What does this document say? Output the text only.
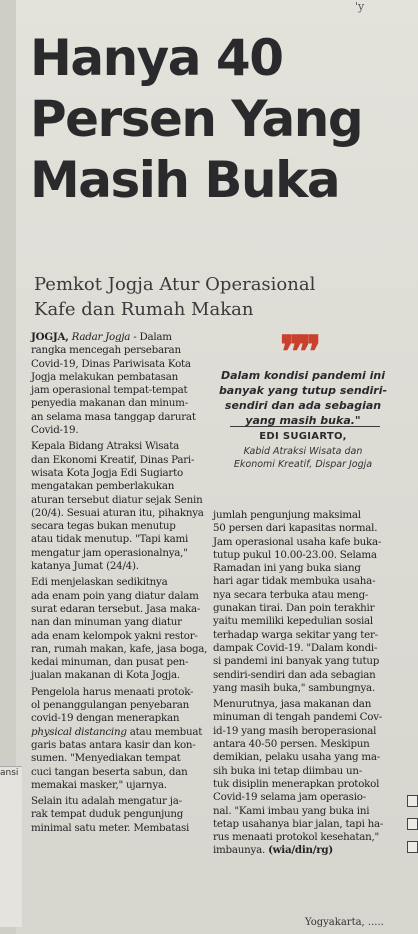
'y
Hanya 40
Persen Yang
Masih Buka
Pemkot Jogja Atur Operasional
Kafe dan Rumah Makan

JOGJA, Radar Jogja - Dalam

rangka mencegah persebaran

Covid-19, Dinas Pariwisata Kota

Jogja melakukan pembatasan

jam operasional tempat-tempat

penyedia makanan dan minum-

an selama masa tanggap darurat

Covid-19.

Kepala Bidang Atraksi Wisata

dan Ekonomi Kreatif, Dinas Pari-

wisata Kota Jogja Edi Sugiarto

mengatakan pemberlakukan

aturan tersebut diatur sejak Senin

(20/4). Sesuai aturan itu, pihaknya

secara tegas bukan menutup

atau tidak menutup. "Tapi kami

mengatur jam operasionalnya,"

katanya Jumat (24/4).

Edi menjelaskan sedikitnya

ada enam poin yang diatur dalam

surat edaran tersebut. Jasa maka-

nan dan minuman yang diatur

ada enam kelompok yakni restor-

ran, rumah makan, kafe, jasa boga,

kedai minuman, dan pusat pen-

jualan makanan di Kota Jogja.

Pengelola harus menaati protok-

ol penanggulangan penyebaran

covid-19 dengan menerapkan

physical distancing atau membuat

garis batas antara kasir dan kon-

sumen. "Menyediakan tempat

cuci tangan beserta sabun, dan

memakai masker," ujarnya.

Selain itu adalah mengatur ja-

rak tempat duduk pengunjung

minimal satu meter. Membatasi

❞❞
Dalam kondisi pandemi ini
banyak yang tutup sendiri-
sendiri dan ada sebagian
yang masih buka."
EDI SUGIARTO,
Kabid Atraksi Wisata dan
Ekonomi Kreatif, Dispar Jogja

jumlah pengunjung maksimal

50 persen dari kapasitas normal.

Jam operasional usaha kafe buka-

tutup pukul 10.00-23.00. Selama

Ramadan ini yang buka siang

hari agar tidak membuka usaha-

nya secara terbuka atau meng-

gunakan tirai. Dan poin terakhir

yaitu memiliki kepedulian sosial

terhadap warga sekitar yang ter-

dampak Covid-19. "Dalam kondi-

si pandemi ini banyak yang tutup

sendiri-sendiri dan ada sebagian

yang masih buka," sambungnya.

Menurutnya, jasa makanan dan

minuman di tengah pandemi Cov-

id-19 yang masih beroperasional

antara 40-50 persen. Meskipun

demikian, pelaku usaha yang ma-

sih buka ini tetap diimbau un-

tuk disiplin menerapkan protokol

Covid-19 selama jam operasio-

nal. "Kami imbau yang buka ini

tetap usahanya biar jalan, tapi ha-

rus menaati protokol kesehatan,"

imbaunya. (wia/din/rg)

ansi
Yogyakarta, .....
